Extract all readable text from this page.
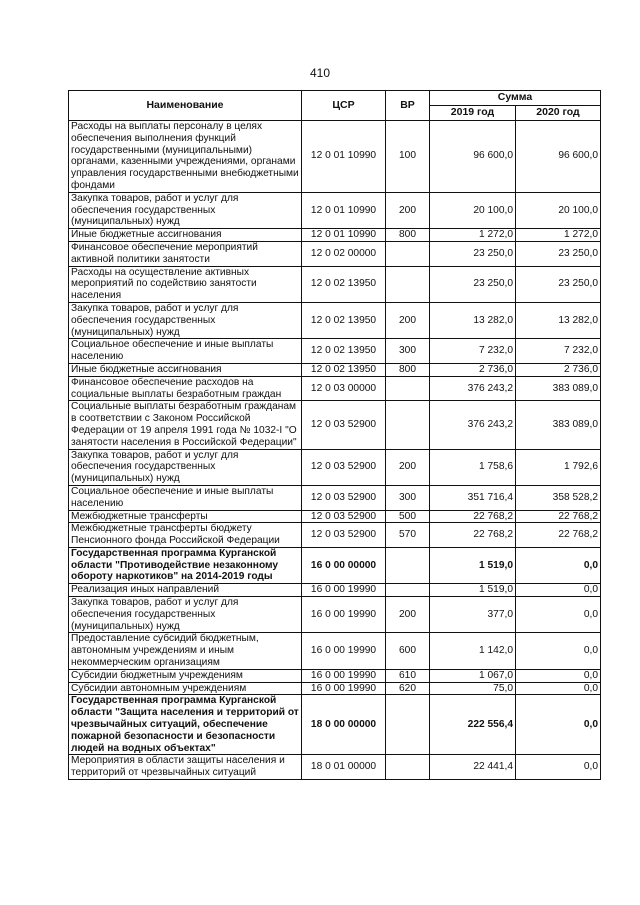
410
Наименование	ЦСР	ВР	Сумма	
			2019 год	2020 год
Расходы на выплаты персоналу в целях обеспечения выполнения функций государственными (муниципальными) органами, казенными учреждениями, органами управления государственными внебюджетными фондами	12 0 01 10990	100	96 600,0	96 600,0
Закупка товаров, работ и услуг для обеспечения государственных (муниципальных) нужд	12 0 01 10990	200	20 100,0	20 100,0
Иные бюджетные ассигнования	12 0 01 10990	800	1 272,0	1 272,0
Финансовое обеспечение мероприятий активной политики занятости	12 0 02 00000		23 250,0	23 250,0
Расходы на осуществление активных мероприятий по содействию занятости населения	12 0 02 13950		23 250,0	23 250,0
Закупка товаров, работ и услуг для обеспечения государственных (муниципальных) нужд	12 0 02 13950	200	13 282,0	13 282,0
Социальное обеспечение и иные выплаты населению	12 0 02 13950	300	7 232,0	7 232,0
Иные бюджетные ассигнования	12 0 02 13950	800	2 736,0	2 736,0
Финансовое обеспечение расходов на социальные выплаты безработным граждан	12 0 03 00000		376 243,2	383 089,0
Социальные выплаты безработным гражданам в соответствии с Законом Российской Федерации от 19 апреля 1991 года № 1032-I "О занятости населения в Российской Федерации"	12 0 03 52900		376 243,2	383 089,0
Закупка товаров, работ и услуг для обеспечения государственных (муниципальных) нужд	12 0 03 52900	200	1 758,6	1 792,6
Социальное обеспечение и иные выплаты населению	12 0 03 52900	300	351 716,4	358 528,2
Межбюджетные трансферты	12 0 03 52900	500	22 768,2	22 768,2
Межбюджетные трансферты бюджету Пенсионного фонда Российской Федерации	12 0 03 52900	570	22 768,2	22 768,2
Государственная программа Курганской области "Противодействие незаконному обороту наркотиков" на 2014-2019 годы	16 0 00 00000		1 519,0	0,0
Реализация иных направлений	16 0 00 19990		1 519,0	0,0
Закупка товаров, работ и услуг для обеспечения государственных (муниципальных) нужд	16 0 00 19990	200	377,0	0,0
Предоставление субсидий бюджетным, автономным учреждениям и иным некоммерческим организациям	16 0 00 19990	600	1 142,0	0,0
Субсидии бюджетным учреждениям	16 0 00 19990	610	1 067,0	0,0
Субсидии автономным учреждениям	16 0 00 19990	620	75,0	0,0
Государственная программа Курганской области "Защита населения и территорий от чрезвычайных ситуаций, обеспечение пожарной безопасности и безопасности людей на водных объектах"	18 0 00 00000		222 556,4	0,0
Мероприятия в области защиты населения и территорий от чрезвычайных ситуаций	18 0 01 00000		22 441,4	0,0
